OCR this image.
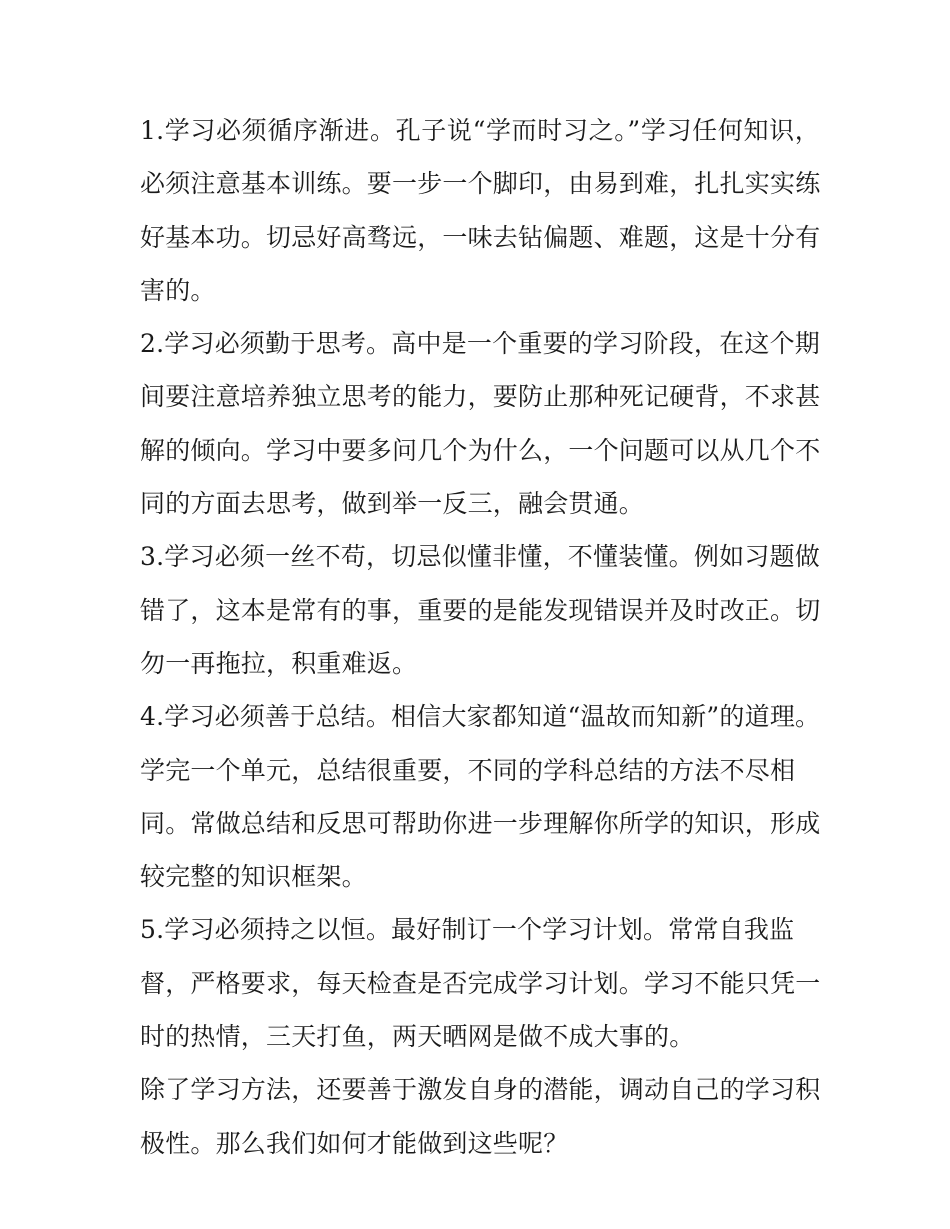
1.学习必须循序渐进。孔子说“学而时习之。”学习任何知识，
必须注意基本训练。要一步一个脚印，由易到难，扎扎实实练
好基本功。切忌好高骛远，一味去钻偏题、难题，这是十分有
害的。
2.学习必须勤于思考。高中是一个重要的学习阶段，在这个期
间要注意培养独立思考的能力，要防止那种死记硬背，不求甚
解的倾向。学习中要多问几个为什么，一个问题可以从几个不
同的方面去思考，做到举一反三，融会贯通。
3.学习必须一丝不苟，切忌似懂非懂，不懂装懂。例如习题做
错了，这本是常有的事，重要的是能发现错误并及时改正。切
勿一再拖拉，积重难返。
4.学习必须善于总结。相信大家都知道“温故而知新”的道理。
学完一个单元，总结很重要，不同的学科总结的方法不尽相
同。常做总结和反思可帮助你进一步理解你所学的知识，形成
较完整的知识框架。
5.学习必须持之以恒。最好制订一个学习计划。常常自我监
督，严格要求，每天检查是否完成学习计划。学习不能只凭一
时的热情，三天打鱼，两天晒网是做不成大事的。
除了学习方法，还要善于激发自身的潜能，调动自己的学习积
极性。那么我们如何才能做到这些呢？
